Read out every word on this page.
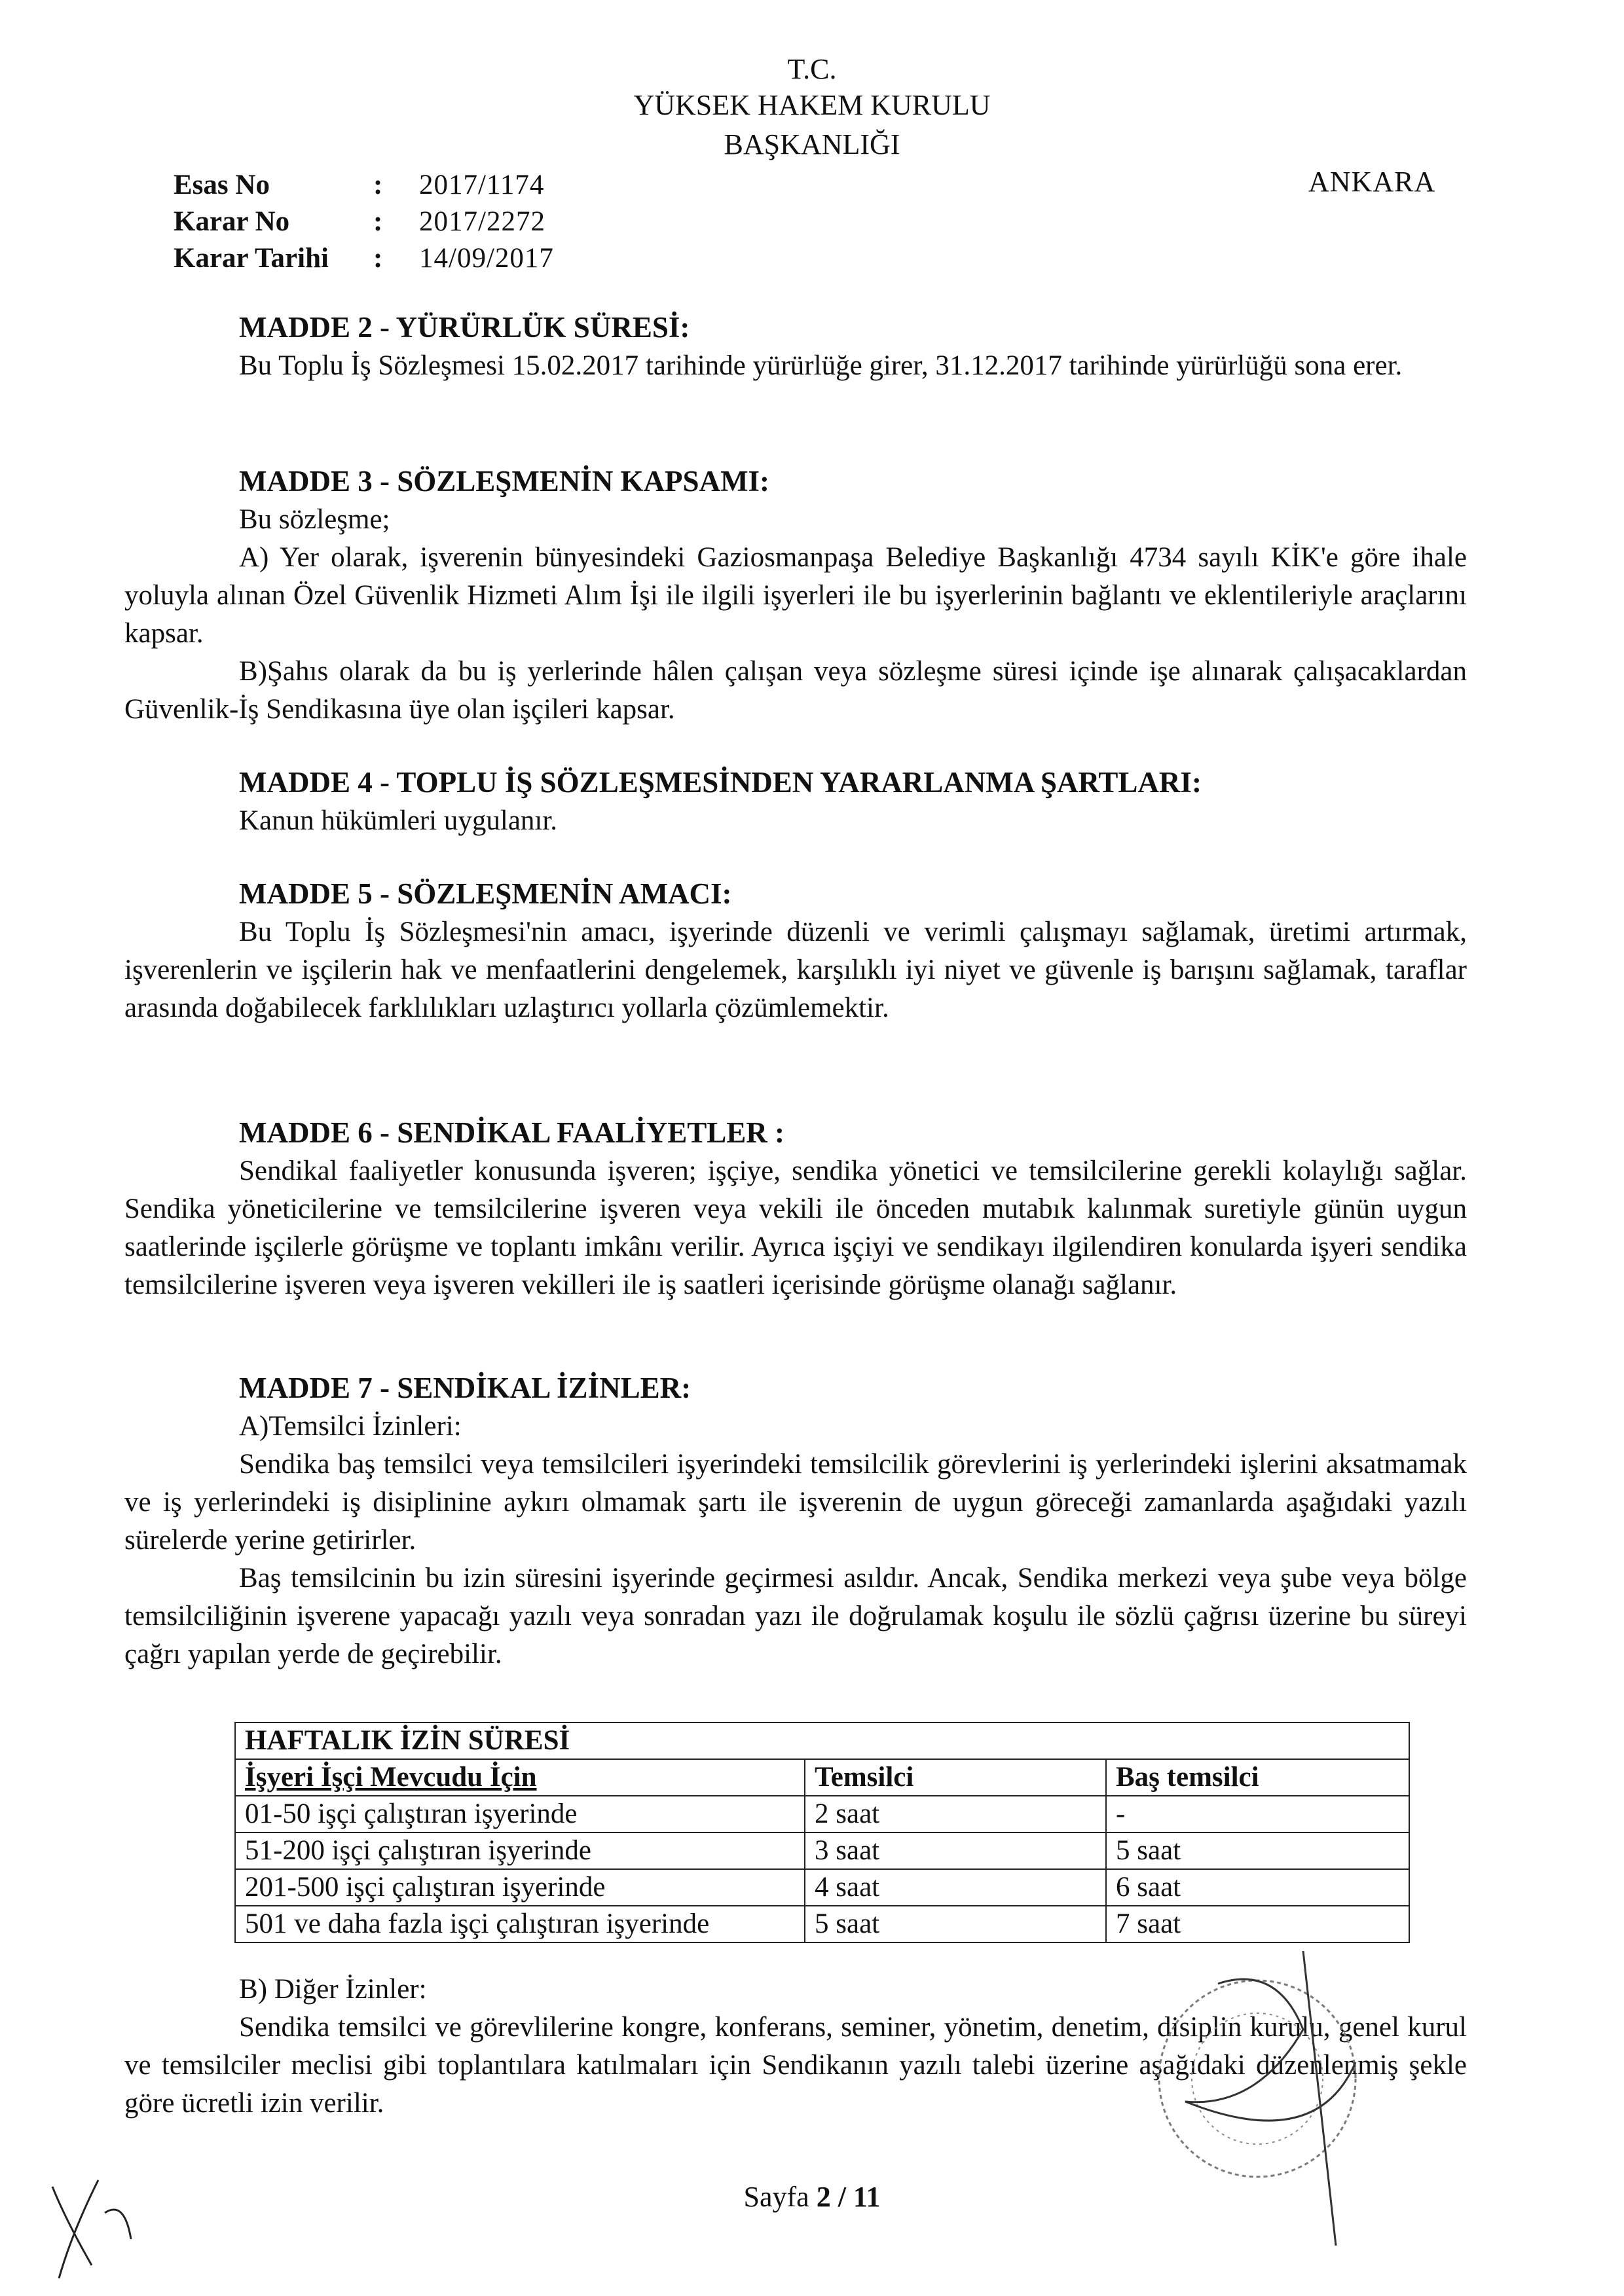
T.C.
YÜKSEK HAKEM KURULU
BAŞKANLIĞI
ANKARA
Esas No	:	2017/1174
Karar No	:	2017/2272
Karar Tarihi	:	14/09/2017
MADDE 2 - YÜRÜRLÜK SÜRESİ:
Bu Toplu İş Sözleşmesi 15.02.2017 tarihinde yürürlüğe girer, 31.12.2017 tarihinde yürürlüğü sona erer.
MADDE 3 - SÖZLEŞMENİN KAPSAMI:
Bu sözleşme;
A) Yer olarak, işverenin bünyesindeki Gaziosmanpaşa Belediye Başkanlığı 4734 sayılı KİK'e göre ihale yoluyla alınan Özel Güvenlik Hizmeti Alım İşi ile ilgili işyerleri ile bu işyerlerinin bağlantı ve eklentileriyle araçlarını kapsar.
B)Şahıs olarak da bu iş yerlerinde hâlen çalışan veya sözleşme süresi içinde işe alınarak çalışacaklardan Güvenlik-İş Sendikasına üye olan işçileri kapsar.
MADDE 4 - TOPLU İŞ SÖZLEŞMESİNDEN YARARLANMA ŞARTLARI:
Kanun hükümleri uygulanır.
MADDE 5 - SÖZLEŞMENİN AMACI:
Bu Toplu İş Sözleşmesi'nin amacı, işyerinde düzenli ve verimli çalışmayı sağlamak, üretimi artırmak, işverenlerin ve işçilerin hak ve menfaatlerini dengelemek, karşılıklı iyi niyet ve güvenle iş barışını sağlamak, taraflar arasında doğabilecek farklılıkları uzlaştırıcı yollarla çözümlemektir.
MADDE 6 - SENDİKAL FAALİYETLER :
Sendikal faaliyetler konusunda işveren; işçiye, sendika yönetici ve temsilcilerine gerekli kolaylığı sağlar. Sendika yöneticilerine ve temsilcilerine işveren veya vekili ile önceden mutabık kalınmak suretiyle günün uygun saatlerinde işçilerle görüşme ve toplantı imkânı verilir. Ayrıca işçiyi ve sendikayı ilgilendiren konularda işyeri sendika temsilcilerine işveren veya işveren vekilleri ile iş saatleri içerisinde görüşme olanağı sağlanır.
MADDE 7 - SENDİKAL İZİNLER:
A)Temsilci İzinleri:
Sendika baş temsilci veya temsilcileri işyerindeki temsilcilik görevlerini iş yerlerindeki işlerini aksatmamak ve iş yerlerindeki iş disiplinine aykırı olmamak şartı ile işverenin de uygun göreceği zamanlarda aşağıdaki yazılı sürelerde yerine getirirler.
Baş temsilcinin bu izin süresini işyerinde geçirmesi asıldır. Ancak, Sendika merkezi veya şube veya bölge temsilciliğinin işverene yapacağı yazılı veya sonradan yazı ile doğrulamak koşulu ile sözlü çağrısı üzerine bu süreyi çağrı yapılan yerde de geçirebilir.
HAFTALIK İZİN SÜRESİ		
İşyeri İşçi Mevcudu İçin	Temsilci	Baş temsilci
01-50 işçi çalıştıran işyerinde	2 saat	-
51-200 işçi çalıştıran işyerinde	3 saat	5 saat
201-500 işçi çalıştıran işyerinde	4 saat	6 saat
501 ve daha fazla işçi çalıştıran işyerinde	5 saat	7 saat
B) Diğer İzinler:
Sendika temsilci ve görevlilerine kongre, konferans, seminer, yönetim, denetim, disiplin kurulu, genel kurul ve temsilciler meclisi gibi toplantılara katılmaları için Sendikanın yazılı talebi üzerine aşağıdaki düzenlenmiş şekle göre ücretli izin verilir.
Sayfa 2 / 11
